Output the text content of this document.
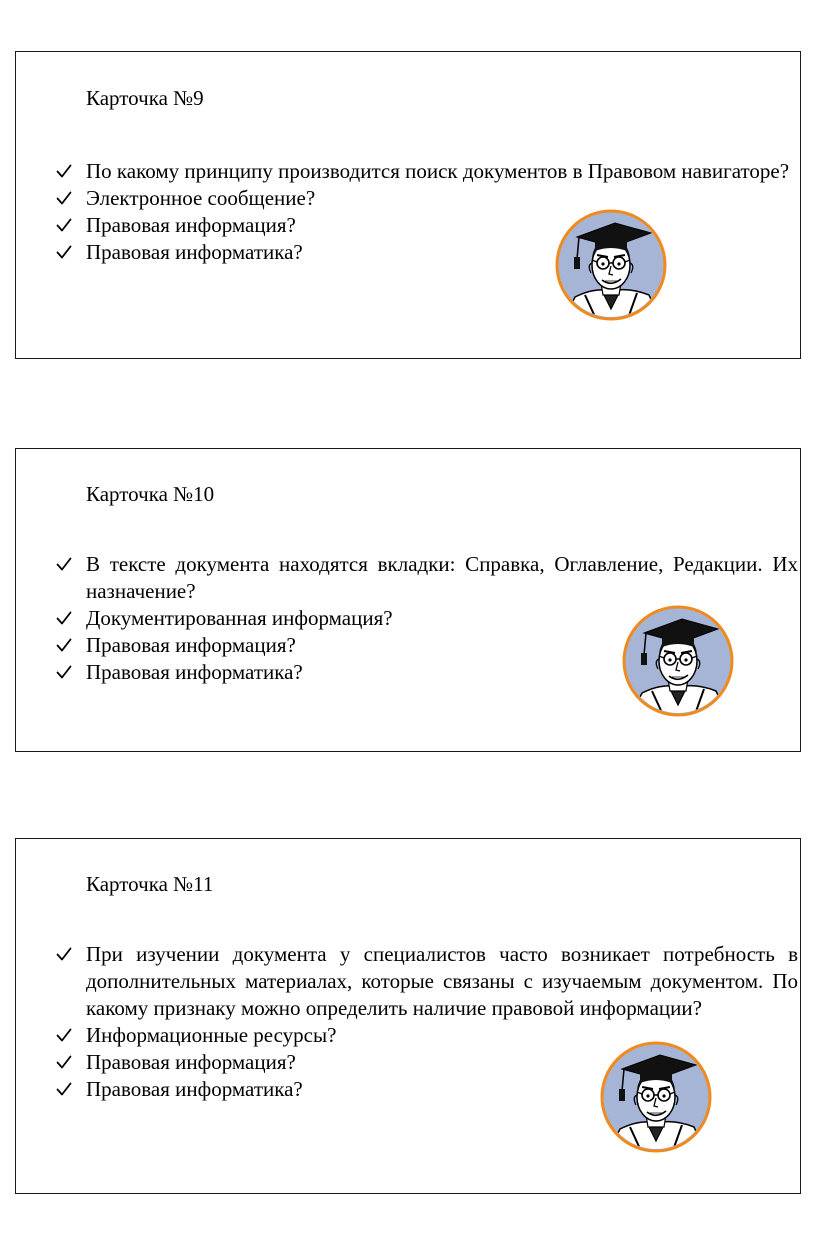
Карточка №9
По какому принципу производится поиск документов в Правовом навигаторе?
Электронное сообщение?
Правовая информация?
Правовая информатика?
Карточка №10
В тексте документа находятся вкладки: Справка, Оглавление, Редакции. Их назначение?
Документированная информация?
Правовая информация?
Правовая информатика?
Карточка №11
При изучении документа у специалистов часто возникает потребность в дополнительных материалах, которые связаны с изучаемым документом. По какому признаку можно определить наличие правовой информации?
Информационные ресурсы?
Правовая информация?
Правовая информатика?
